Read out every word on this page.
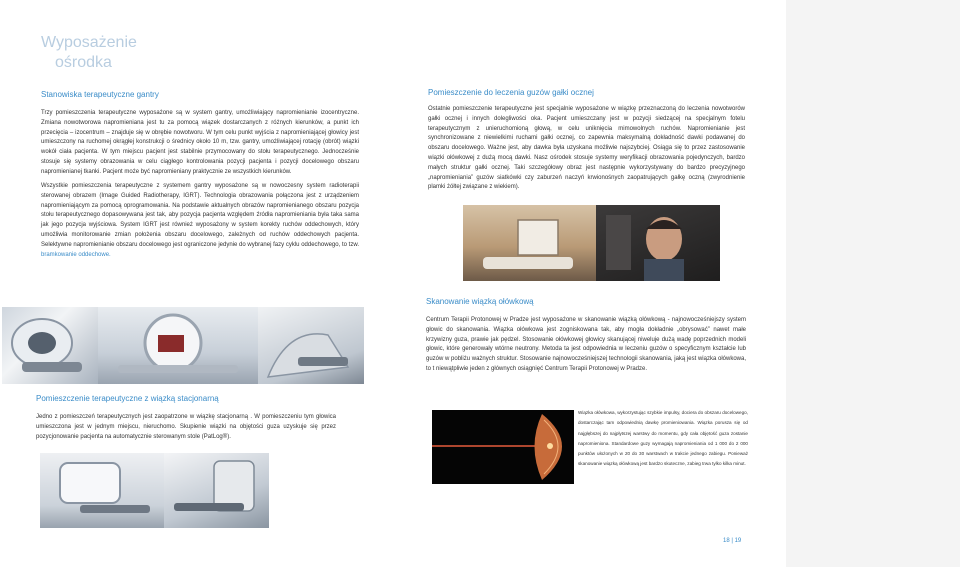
Wyposażenie
ośrodka
Stanowiska terapeutyczne gantry

Trzy pomieszczenia terapeutyczne wyposażone są w system gantry, umożliwiający napromienianie izocentryczne. Zmiana nowotworowa napromieniana jest tu za pomocą wiązek dostarczanych z różnych kierunków, a punkt ich przecięcia – izocentrum – znajduje się w obrębie nowotworu. W tym celu punkt wyjścia z napromieniającej głowicy jest umieszczony na ruchomej okrągłej konstrukcji o średnicy około 10 m, tzw. gantry, umożliwiającej rotację (obrót) wiązki wokół ciała pacjenta. W tym miejscu pacjent jest stabilnie przymocowany do stołu terapeutycznego. Jednocześnie stosuje się systemy obrazowania w celu ciągłego kontrolowania pozycji pacjenta i pozycji docelowego obszaru napromienianej tkanki. Pacjent może być napromieniany praktycznie ze wszystkich kierunków.

Wszystkie pomieszczenia terapeutyczne z systemem gantry wyposażone są w nowoczesny system radioterapii sterowanej obrazem (Image Guided Radiotherapy, IGRT). Technologia obrazowania połączona jest z urządzeniem napromieniającym za pomocą oprogramowania. Na podstawie aktualnych obrazów napromienianego obszaru pozycja stołu terapeutycznego dopasowywana jest tak, aby pozycja pacjenta względem źródła napromieniania była taka sama jak jego pozycja wyjściowa. System IGRT jest również wyposażony w system korekty ruchów oddechowych, który umożliwia monitorowanie zmian położenia obszaru docelowego, zależnych od ruchów oddechowych pacjenta. Selektywne napromienianie obszaru docelowego jest ograniczone jedynie do wybranej fazy cyklu oddechowego, to tzw. bramkowanie oddechowe.

Pomieszczenie terapeutyczne z wiązką stacjonarną

Jedno z pomieszczeń terapeutycznych jest zaopatrzone w wiązkę stacjonarną . W pomieszczeniu tym głowica umieszczona jest w jednym miejscu, nieruchomo. Skupienie wiązki na objętości guza uzyskuje się przez pozycjonowanie pacjenta na automatycznie sterowanym stole (PatLog®).

Pomieszczenie do leczenia guzów gałki ocznej

Ostatnie pomieszczenie terapeutyczne jest specjalnie wyposażone w wiązkę przeznaczoną do leczenia nowotworów gałki ocznej i innych dolegliwości oka. Pacjent umieszczany jest w pozycji siedzącej na specjalnym fotelu terapeutycznym z unieruchomioną głową, w celu uniknięcia mimowolnych ruchów. Napromienianie jest synchronizowane z niewielkimi ruchami gałki ocznej, co zapewnia maksymalną dokładność dawki podawanej do obszaru docelowego. Ważne jest, aby dawka była uzyskana możliwie najszybciej. Osiąga się to przez zastosowanie wiązki ołówkowej z dużą mocą dawki. Nasz ośrodek stosuje systemy weryfikacji obrazowania pojedynczych, bardzo małych struktur gałki ocznej. Taki szczegółowy obraz jest następnie wykorzystywany do bardzo precyzyjnego „napromieniania” guzów siatkówki czy zaburzeń naczyń krwionośnych zaopatrujących gałkę oczną (zwyrodnienie plamki żółtej związane z wiekiem).

Skanowanie wiązką ołówkową

Centrum Terapii Protonowej w Pradze jest wyposażone w skanowanie wiązką ołówkową - najnowocześniejszy system głowic do skanowania. Wiązka ołówkowa jest zogniskowana tak, aby mogła dokładnie „obrysować” nawet małe krzywizny guza, prawie jak pędzel. Stosowanie ołówkowej głowicy skanującej niweluje dużą wadę poprzednich modeli głowic, które generowały wtórne neutrony. Metoda ta jest odpowiednia w leczeniu guzów o specyficznym kształcie lub guzów w pobliżu ważnych struktur. Stosowanie najnowocześniejszej technologii skanowania, jaką jest wiązka ołówkowa, to t niewątpliwie jeden z głównych osiągnięć Centrum Terapii Protonowej w Pradze.

Wiązka ołówkowa, wykorzystując szybkie impulsy, dociera do obszaru docelowego, dostarczając tam odpowiednią dawkę promieniowania. Wiązka porusza się od najgłębszej do najpłytszej warstwy do momentu, gdy cała objętość guza zostanie napromieniona. Standardowe guzy wymagają napromieniania od 1 000 do 2 000 punktów ułożonych w 20 do 30 warstwach w trakcie jednego zabiegu. Ponieważ skanowanie wiązką ołówkową jest bardzo skuteczne, zabieg trwa tylko kilka minut.

18 | 19
